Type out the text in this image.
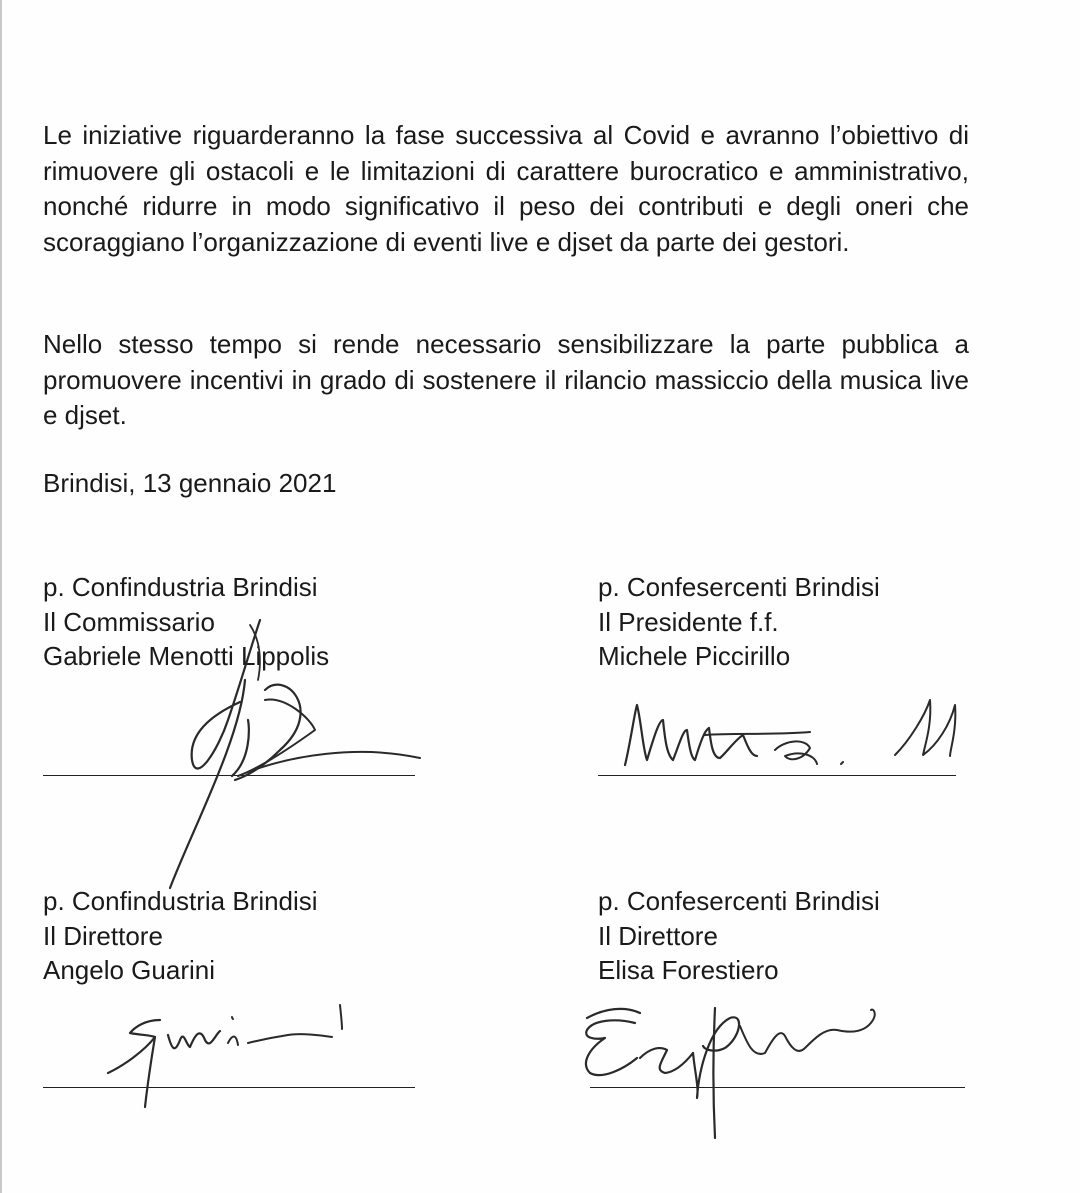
Le iniziative riguarderanno la fase successiva al Covid e avranno l’obiettivo di rimuovere gli ostacoli e le limitazioni di carattere burocratico e amministrativo, nonché ridurre in modo significativo il peso dei contributi e degli oneri che scoraggiano l’organizzazione di eventi live e djset da parte dei gestori.

Nello stesso tempo si rende necessario sensibilizzare la parte pubblica a promuovere incentivi in grado di sostenere il rilancio massiccio della musica live e djset.

Brindisi, 13 gennaio 2021
p. Confindustria Brindisi
Il Commissario
Gabriele Menotti Lippolis
p. Confesercenti Brindisi
Il Presidente f.f.
Michele Piccirillo
p. Confindustria Brindisi
Il Direttore
Angelo Guarini
p. Confesercenti Brindisi
Il Direttore
Elisa Forestiero
